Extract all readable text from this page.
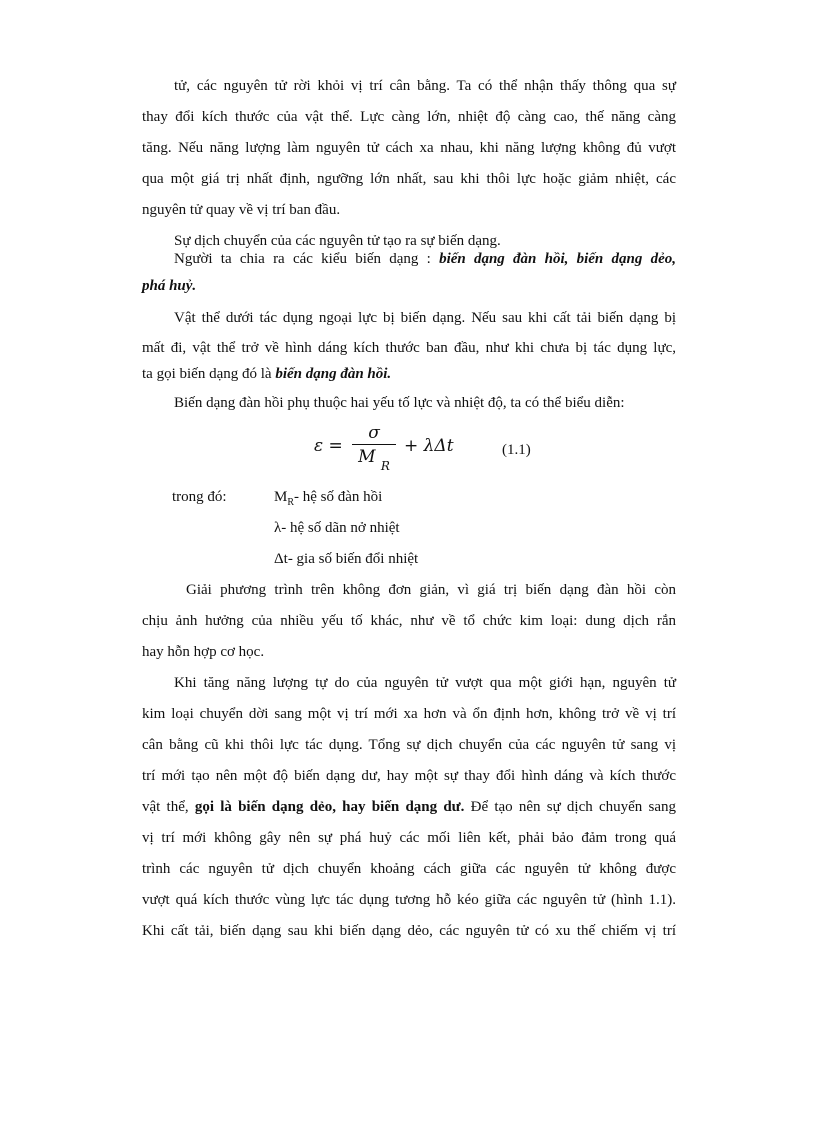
tử, các nguyên tử rời khỏi vị trí cân bằng. Ta có thể nhận thấy thông qua sự
thay đổi kích thước của vật thể. Lực càng lớn, nhiệt độ càng cao, thế năng càng
tăng. Nếu năng lượng làm nguyên tử cách xa nhau, khi năng lượng không đủ vượt
qua một giá trị nhất định, ngưỡng lớn nhất, sau khi thôi lực hoặc giảm nhiệt, các
nguyên tử quay về vị trí ban đầu.
Sự dịch chuyển của các nguyên tử tạo ra sự biến dạng.
Người ta chia ra các kiểu biến dạng : biến dạng đàn hồi, biến dạng dẻo,
phá huỷ.
Vật thể dưới tác dụng ngoại lực bị biến dạng. Nếu sau khi cất tải biến dạng bị
mất đi, vật thể trở về hình dáng kích thước ban đầu, như khi chưa bị tác dụng lực,
ta gọi biến dạng đó là biến dạng đàn hồi.
Biến dạng đàn hồi phụ thuộc hai yếu tố lực và nhiệt độ, ta có thể biểu diễn:
ε =
σ
M $_R$
+ λΔt	(1.1)
trong đó:	$M_R-$ hệ số đàn hồi
λ- hệ số dãn nở nhiệt
Δt- gia số biến đổi nhiệt
Giải phương trình trên không đơn giản, vì giá trị biến dạng đàn hồi còn
chịu ảnh hưởng của nhiều yếu tố khác, như về tổ chức kim loại: dung dịch rắn
hay hỗn hợp cơ học.
Khi tăng năng lượng tự do của nguyên tử vượt qua một giới hạn, nguyên tử
kim loại chuyển dời sang một vị trí mới xa hơn và ổn định hơn, không trở về vị trí
cân bằng cũ khi thôi lực tác dụng. Tổng sự dịch chuyển của các nguyên tử sang vị
trí mới tạo nên một độ biến dạng dư, hay một sự thay đổi hình dáng và kích thước
vật thể, gọi là biến dạng dẻo, hay biến dạng dư. Để tạo nên sự dịch chuyển sang
vị trí mới không gây nên sự phá huỷ các mối liên kết, phải bảo đảm trong quá
trình các nguyên tử dịch chuyển khoảng cách giữa các nguyên tử không được
vượt quá kích thước vùng lực tác dụng tương hỗ kéo giữa các nguyên tử (hình 1.1).
Khi cất tải, biến dạng sau khi biến dạng dẻo, các nguyên tử có xu thế chiếm vị trí
